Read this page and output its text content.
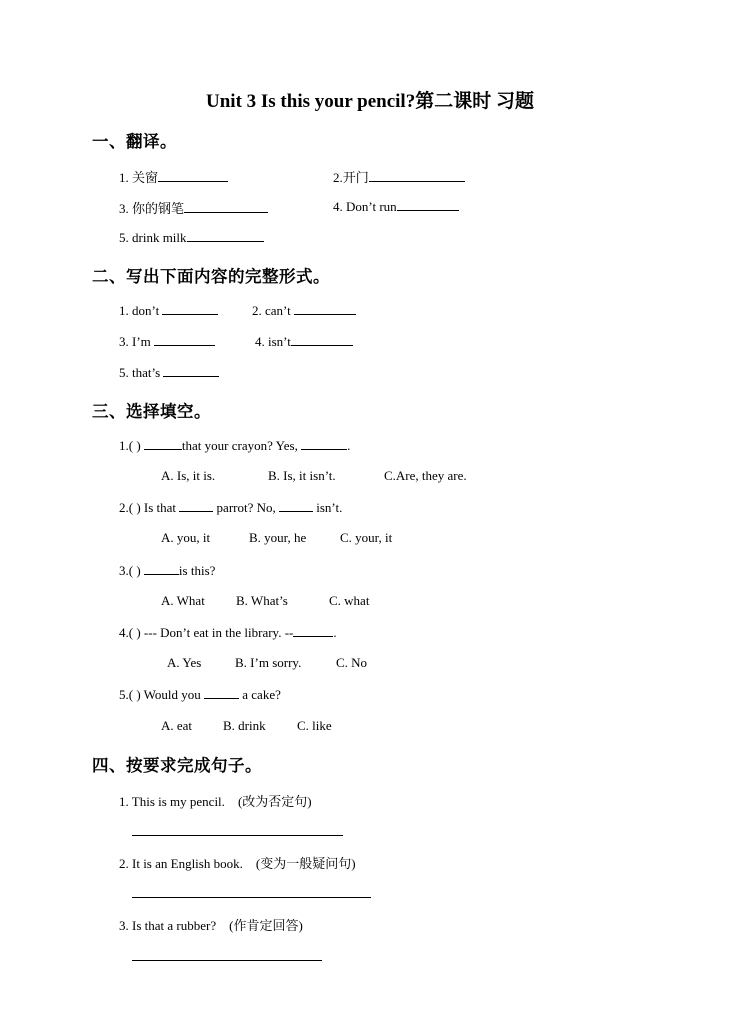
Unit 3 Is this your pencil?第二课时 习题
一、翻译。
1. 关窗	2.开门
3. 你的钢笔	4. Don’t run
5. drink milk
二、写出下面内容的完整形式。
1. don’t	2. can’t
3. I’m	4. isn’t
5. that’s
三、选择填空。
1.( )	that your crayon? Yes,	.
A. Is, it is.	B. Is, it isn’t.	C.Are, they are.
2.( ) Is that	parrot? No,	isn’t.
A. you, it	B. your, he	C. your, it
3.( )	is this?
A. What B. What’s	C. what
4.( ) --- Don’t eat in the library. --	.
A. Yes	B. I’m sorry.	C. No
5.( ) Would you	a cake?
A. eat B. drink C. like
四、按要求完成句子。
1. This is my pencil. (改为否定句)
2. It is an English book. (变为一般疑问句)
3. Is that a rubber? (作肯定回答)
